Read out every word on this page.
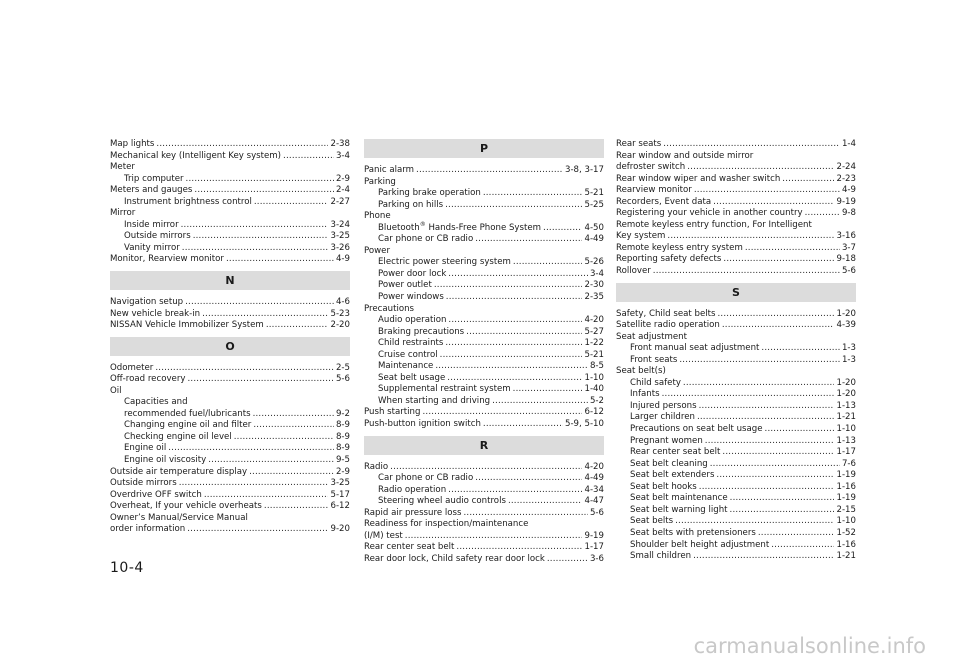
Map lights .....	2-38
Mechanical key (Intelligent Key system) .....	3-4
Meter
Trip computer .....	2-9
Meters and gauges .....	2-4
Instrument brightness control .....	2-27
Mirror
Inside mirror .....	3-24
Outside mirrors .....	3-25
Vanity mirror .....	3-26
Monitor, Rearview monitor .....	4-9
N
Navigation setup .....	4-6
New vehicle break-in .....	5-23
NISSAN Vehicle Immobilizer System .....	2-20
O
Odometer .....	2-5
Off-road recovery .....	5-6
Oil
Capacities and
recommended fuel/lubricants .....	9-2
Changing engine oil and filter .....	8-9
Checking engine oil level .....	8-9
Engine oil .....	8-9
Engine oil viscosity .....	9-5
Outside air temperature display .....	2-9
Outside mirrors .....	3-25
Overdrive OFF switch .....	5-17
Overheat, If your vehicle overheats .....	6-12
Owner’s Manual/Service Manual
order information .....	9-20
P
Panic alarm .....	3-8, 3-17
Parking
Parking brake operation .....	5-21
Parking on hills .....	5-25
Phone
Bluetooth® Hands-Free Phone System .....	4-50
Car phone or CB radio .....	4-49
Power
Electric power steering system .....	5-26
Power door lock .....	3-4
Power outlet .....	2-30
Power windows .....	2-35
Precautions
Audio operation .....	4-20
Braking precautions .....	5-27
Child restraints .....	1-22
Cruise control .....	5-21
Maintenance .....	8-5
Seat belt usage .....	1-10
Supplemental restraint system .....	1-40
When starting and driving .....	5-2
Push starting .....	6-12
Push-button ignition switch .....	5-9, 5-10
R
Radio .....	4-20
Car phone or CB radio .....	4-49
Radio operation .....	4-34
Steering wheel audio controls .....	4-47
Rapid air pressure loss .....	5-6
Readiness for inspection/maintenance
(I/M) test .....	9-19
Rear center seat belt .....	1-17
Rear door lock, Child safety rear door lock .....	3-6
Rear seats .....	1-4
Rear window and outside mirror
defroster switch .....	2-24
Rear window wiper and washer switch .....	2-23
Rearview monitor .....	4-9
Recorders, Event data .....	9-19
Registering your vehicle in another country .....	9-8
Remote keyless entry function, For Intelligent
Key system .....	3-16
Remote keyless entry system .....	3-7
Reporting safety defects .....	9-18
Rollover .....	5-6
S
Safety, Child seat belts .....	1-20
Satellite radio operation .....	4-39
Seat adjustment
Front manual seat adjustment .....	1-3
Front seats .....	1-3
Seat belt(s)
Child safety .....	1-20
Infants .....	1-20
Injured persons .....	1-13
Larger children .....	1-21
Precautions on seat belt usage .....	1-10
Pregnant women .....	1-13
Rear center seat belt .....	1-17
Seat belt cleaning .....	7-6
Seat belt extenders .....	1-19
Seat belt hooks .....	1-16
Seat belt maintenance .....	1-19
Seat belt warning light .....	2-15
Seat belts .....	1-10
Seat belts with pretensioners .....	1-52
Shoulder belt height adjustment .....	1-16
Small children .....	1-21
10-4
carmanualsonline.info
